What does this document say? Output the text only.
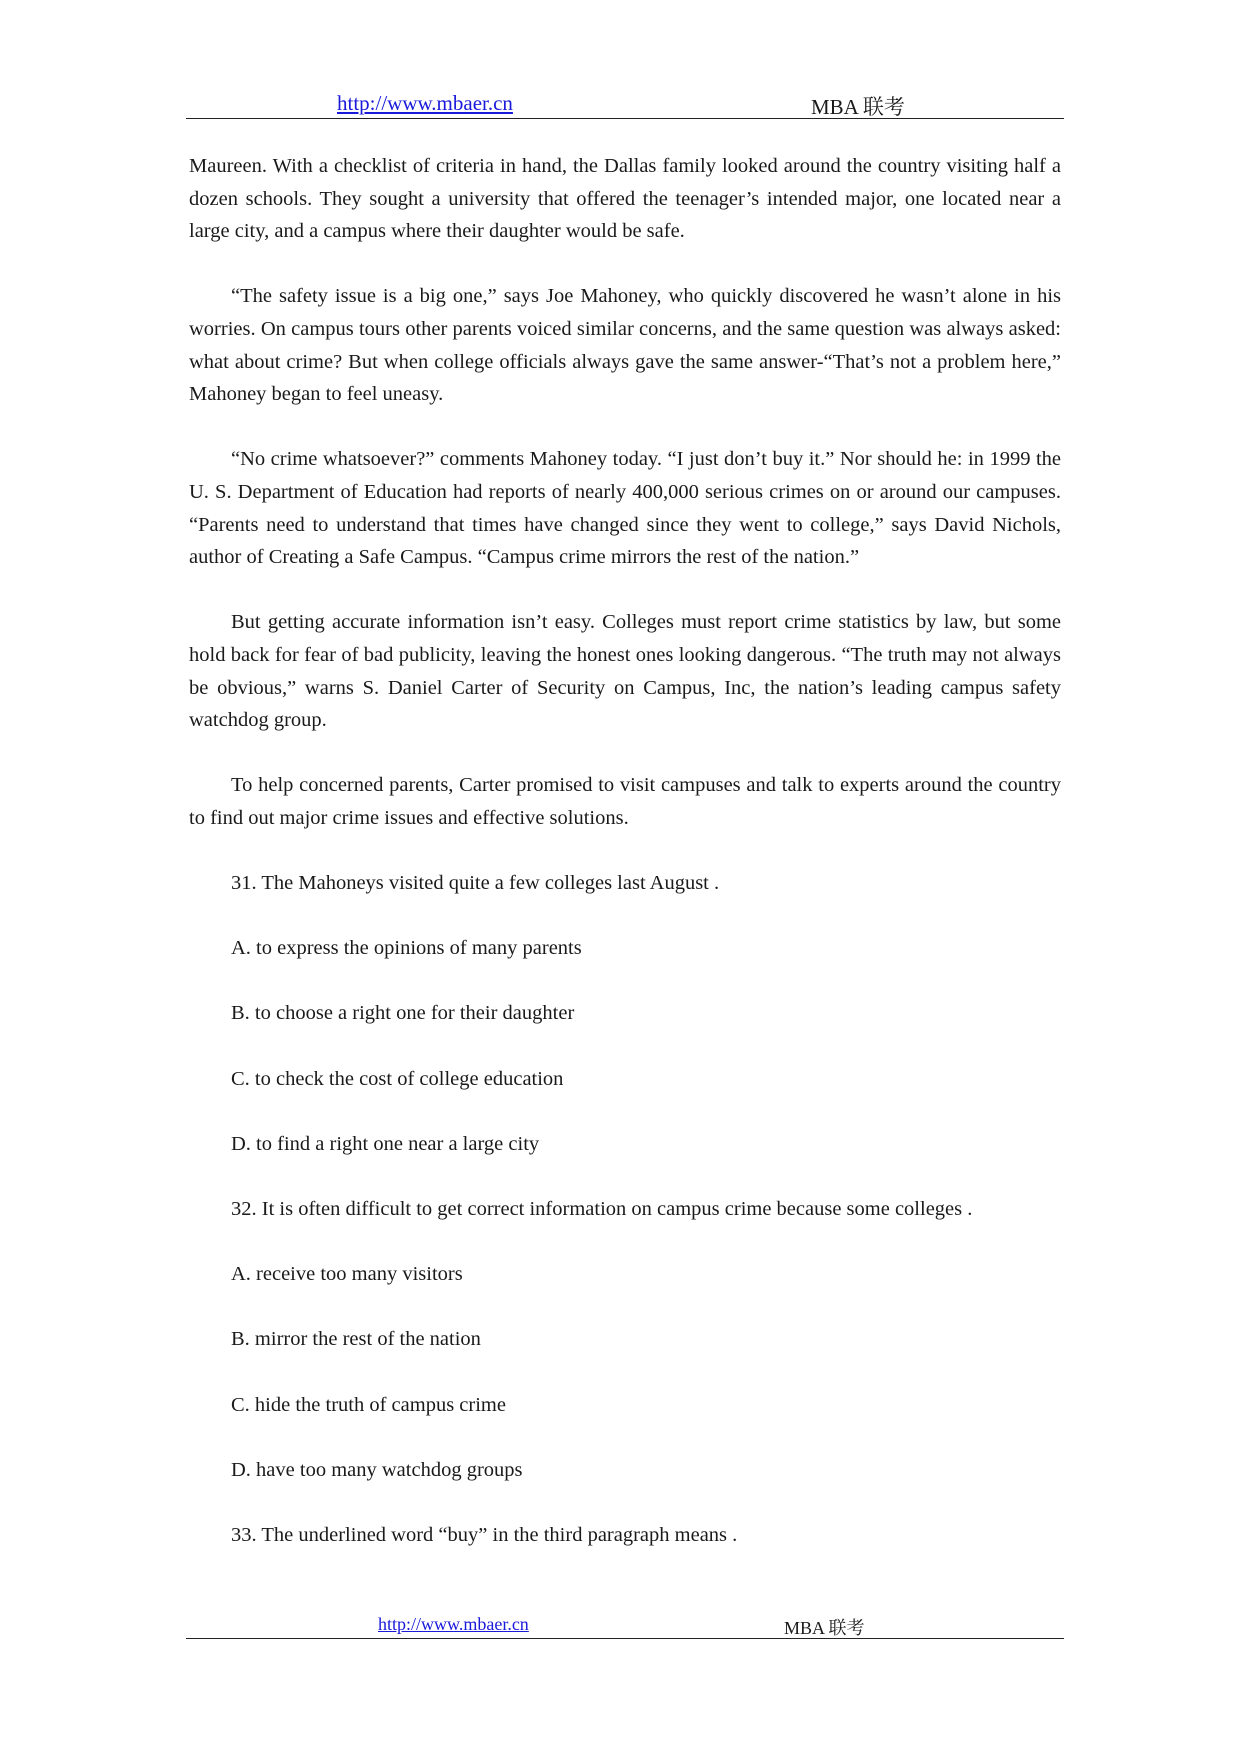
http://www.mbaer.cn	MBA 联考

Maureen. With a checklist of criteria in hand, the Dallas family looked around the country visiting half a dozen schools. They sought a university that offered the teenager’s intended major, one located near a large city, and a campus where their daughter would be safe.

“The safety issue is a big one,” says Joe Mahoney, who quickly discovered he wasn’t alone in his worries. On campus tours other parents voiced similar concerns, and the same question was always asked: what about crime? But when college officials always gave the same answer-“That’s not a problem here,” Mahoney began to feel uneasy.

“No crime whatsoever?” comments Mahoney today. “I just don’t buy it.” Nor should he: in 1999 the U. S. Department of Education had reports of nearly 400,000 serious crimes on or around our campuses. “Parents need to understand that times have changed since they went to college,” says David Nichols, author of Creating a Safe Campus. “Campus crime mirrors the rest of the nation.”

But getting accurate information isn’t easy. Colleges must report crime statistics by law, but some hold back for fear of bad publicity, leaving the honest ones looking dangerous. “The truth may not always be obvious,” warns S. Daniel Carter of Security on Campus, Inc, the nation’s leading campus safety watchdog group.

To help concerned parents, Carter promised to visit campuses and talk to experts around the country to find out major crime issues and effective solutions.

31. The Mahoneys visited quite a few colleges last August .

A. to express the opinions of many parents

B. to choose a right one for their daughter

C. to check the cost of college education

D. to find a right one near a large city

32. It is often difficult to get correct information on campus crime because some colleges .

A. receive too many visitors

B. mirror the rest of the nation

C. hide the truth of campus crime

D. have too many watchdog groups

33. The underlined word “buy” in the third paragraph means .

http://www.mbaer.cn	MBA 联考
